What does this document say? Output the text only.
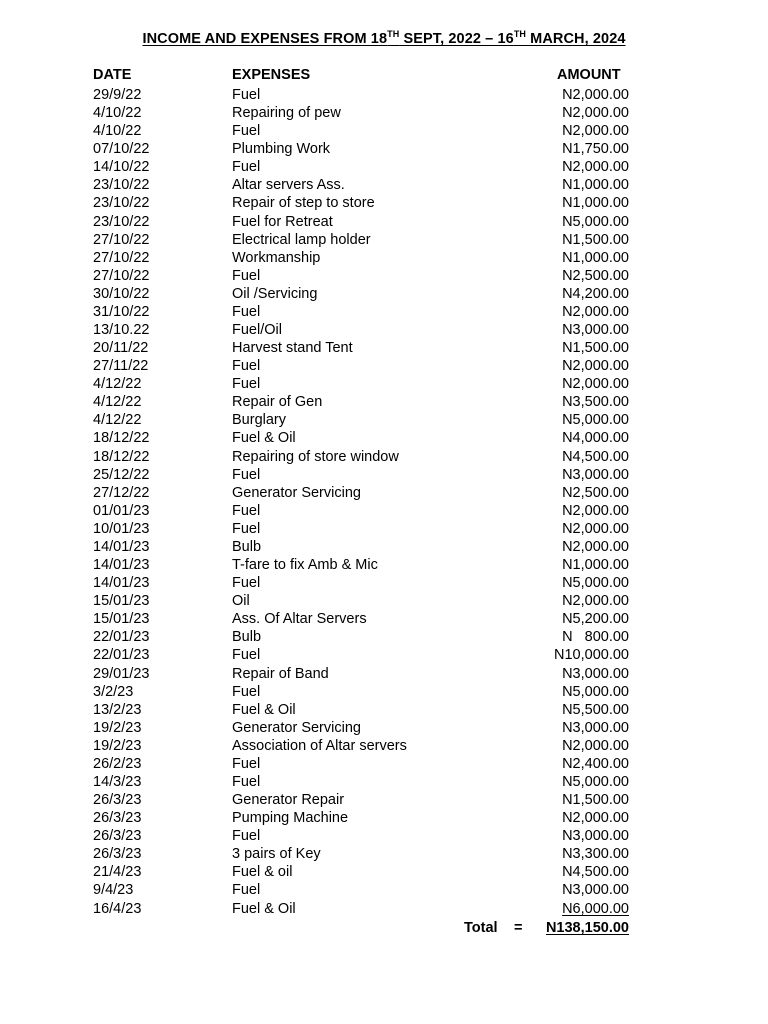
INCOME AND EXPENSES FROM 18TH SEPT, 2022 – 16TH MARCH, 2024
DATE	EXPENSES	AMOUNT
29/9/22	Fuel	N2,000.00
4/10/22	Repairing of pew	N2,000.00
4/10/22	Fuel	N2,000.00
07/10/22	Plumbing Work	N1,750.00
14/10/22	Fuel	N2,000.00
23/10/22	Altar servers Ass.	N1,000.00
23/10/22	Repair of step to store	N1,000.00
23/10/22	Fuel for Retreat	N5,000.00
27/10/22	Electrical lamp holder	N1,500.00
27/10/22	Workmanship	N1,000.00
27/10/22	Fuel	N2,500.00
30/10/22	Oil /Servicing	N4,200.00
31/10/22	Fuel	N2,000.00
13/10.22	Fuel/Oil	N3,000.00
20/11/22	Harvest stand Tent	N1,500.00
27/11/22	Fuel	N2,000.00
4/12/22	Fuel	N2,000.00
4/12/22	Repair of Gen	N3,500.00
4/12/22	Burglary	N5,000.00
18/12/22	Fuel & Oil	N4,000.00
18/12/22	Repairing of store window	N4,500.00
25/12/22	Fuel	N3,000.00
27/12/22	Generator Servicing	N2,500.00
01/01/23	Fuel	N2,000.00
10/01/23	Fuel	N2,000.00
14/01/23	Bulb	N2,000.00
14/01/23	T-fare to fix Amb & Mic	N1,000.00
14/01/23	Fuel	N5,000.00
15/01/23	Oil	N2,000.00
15/01/23	Ass. Of Altar Servers	N5,200.00
22/01/23	Bulb	N   800.00
22/01/23	Fuel	N10,000.00
29/01/23	Repair of Band	N3,000.00
3/2/23	Fuel	N5,000.00
13/2/23	Fuel & Oil	N5,500.00
19/2/23	Generator Servicing	N3,000.00
19/2/23	Association of Altar servers	N2,000.00
26/2/23	Fuel	N2,400.00
14/3/23	Fuel	N5,000.00
26/3/23	Generator Repair	N1,500.00
26/3/23	Pumping Machine	N2,000.00
26/3/23	Fuel	N3,000.00
26/3/23	3 pairs of Key	N3,300.00
21/4/23	Fuel & oil	N4,500.00
9/4/23	Fuel	N3,000.00
16/4/23	Fuel & Oil	N6,000.00
Total = N138,150.00
